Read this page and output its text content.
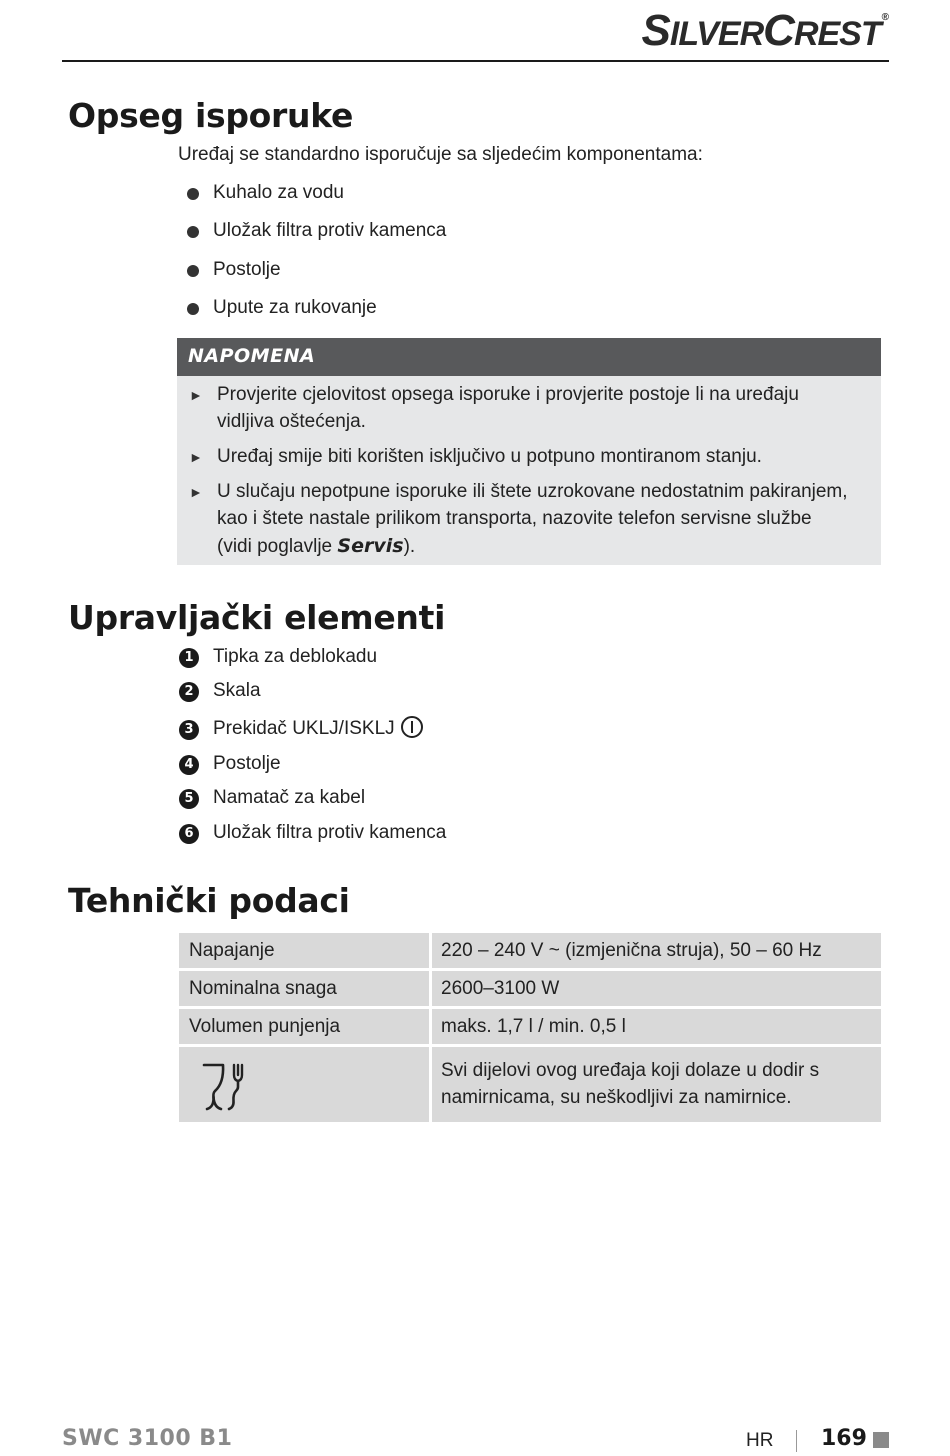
SILVERCREST®
Opseg isporuke
Uređaj se standardno isporučuje sa sljedećim komponentama:
Kuhalo za vodu
Uložak filtra protiv kamenca
Postolje
Upute za rukovanje
NAPOMENA
► Provjerite cjelovitost opsega isporuke i provjerite postoje li na uređaju
vidljiva oštećenja.
► Uređaj smije biti korišten isključivo u potpuno montiranom stanju.
► U slučaju nepotpune isporuke ili štete uzrokovane nedostatnim pakiranjem,
kao i štete nastale prilikom transporta, nazovite telefon servisne službe
(vidi poglavlje Servis).
Upravljački elementi
1 Tipka za deblokadu
2 Skala
3 Prekidač UKLJ/ISKLJ
4 Postolje
5 Namatač za kabel
6 Uložak filtra protiv kamenca
Tehnički podaci
Napajanje	220 – 240 V ~ (izmjenična struja), 50 – 60 Hz
Nominalna snaga	2600–3100 W
Volumen punjenja	maks. 1,7 l / min. 0,5 l
Svi dijelovi ovog uređaja koji dolaze u dodir s
namirnicama, su neškodljivi za namirnice.
SWC 3100 B1	HR 169
